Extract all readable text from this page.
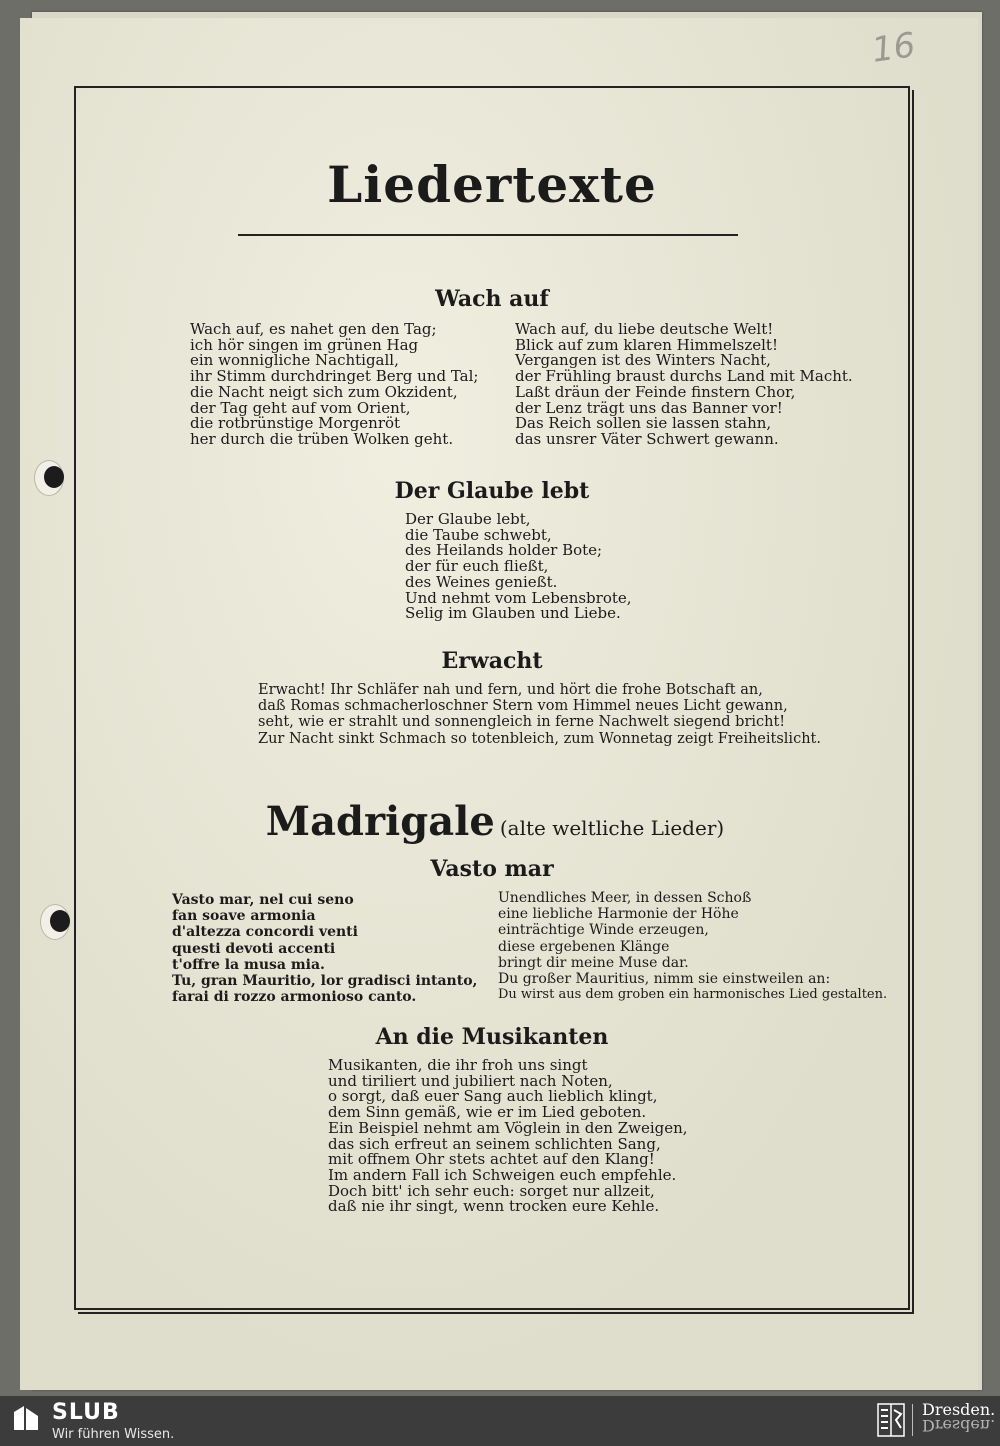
16
Liedertexte
Wach auf
Wach auf, es nahet gen den Tag;
ich hör singen im grünen Hag
ein wonnigliche Nachtigall,
ihr Stimm durchdringet Berg und Tal;
die Nacht neigt sich zum Okzident,
der Tag geht auf vom Orient,
die rotbrünstige Morgenröt
her durch die trüben Wolken geht.
Wach auf, du liebe deutsche Welt!
Blick auf zum klaren Himmelszelt!
Vergangen ist des Winters Nacht,
der Frühling braust durchs Land mit Macht.
Laßt dräun der Feinde finstern Chor,
der Lenz trägt uns das Banner vor!
Das Reich sollen sie lassen stahn,
das unsrer Väter Schwert gewann.
Der Glaube lebt
Der Glaube lebt,
die Taube schwebt,
des Heilands holder Bote;
der für euch fließt,
des Weines genießt.
Und nehmt vom Lebensbrote,
Selig im Glauben und Liebe.
Erwacht
Erwacht! Ihr Schläfer nah und fern, und hört die frohe Botschaft an,
daß Romas schmacherloschner Stern vom Himmel neues Licht gewann,
seht, wie er strahlt und sonnengleich in ferne Nachwelt siegend bricht!
Zur Nacht sinkt Schmach so totenbleich, zum Wonnetag zeigt Freiheitslicht.
Madrigale (alte weltliche Lieder)
Vasto mar
Vasto mar, nel cui seno
fan soave armonia
d'altezza concordi venti
questi devoti accenti
t'offre la musa mia.
Tu, gran Mauritio, lor gradisci intanto,
farai di rozzo armonioso canto.
Unendliches Meer, in dessen Schoß
eine liebliche Harmonie der Höhe
einträchtige Winde erzeugen,
diese ergebenen Klänge
bringt dir meine Muse dar.
Du großer Mauritius, nimm sie einstweilen an:
Du wirst aus dem groben ein harmonisches Lied gestalten.
An die Musikanten
Musikanten, die ihr froh uns singt
und tiriliert und jubiliert nach Noten,
o sorgt, daß euer Sang auch lieblich klingt,
dem Sinn gemäß, wie er im Lied geboten.
Ein Beispiel nehmt am Vöglein in den Zweigen,
das sich erfreut an seinem schlichten Sang,
mit offnem Ohr stets achtet auf den Klang!
Im andern Fall ich Schweigen euch empfehle.
Doch bitt' ich sehr euch: sorget nur allzeit,
daß nie ihr singt, wenn trocken eure Kehle.
SLUB
Wir führen Wissen.
Dresden.
Dresden.
